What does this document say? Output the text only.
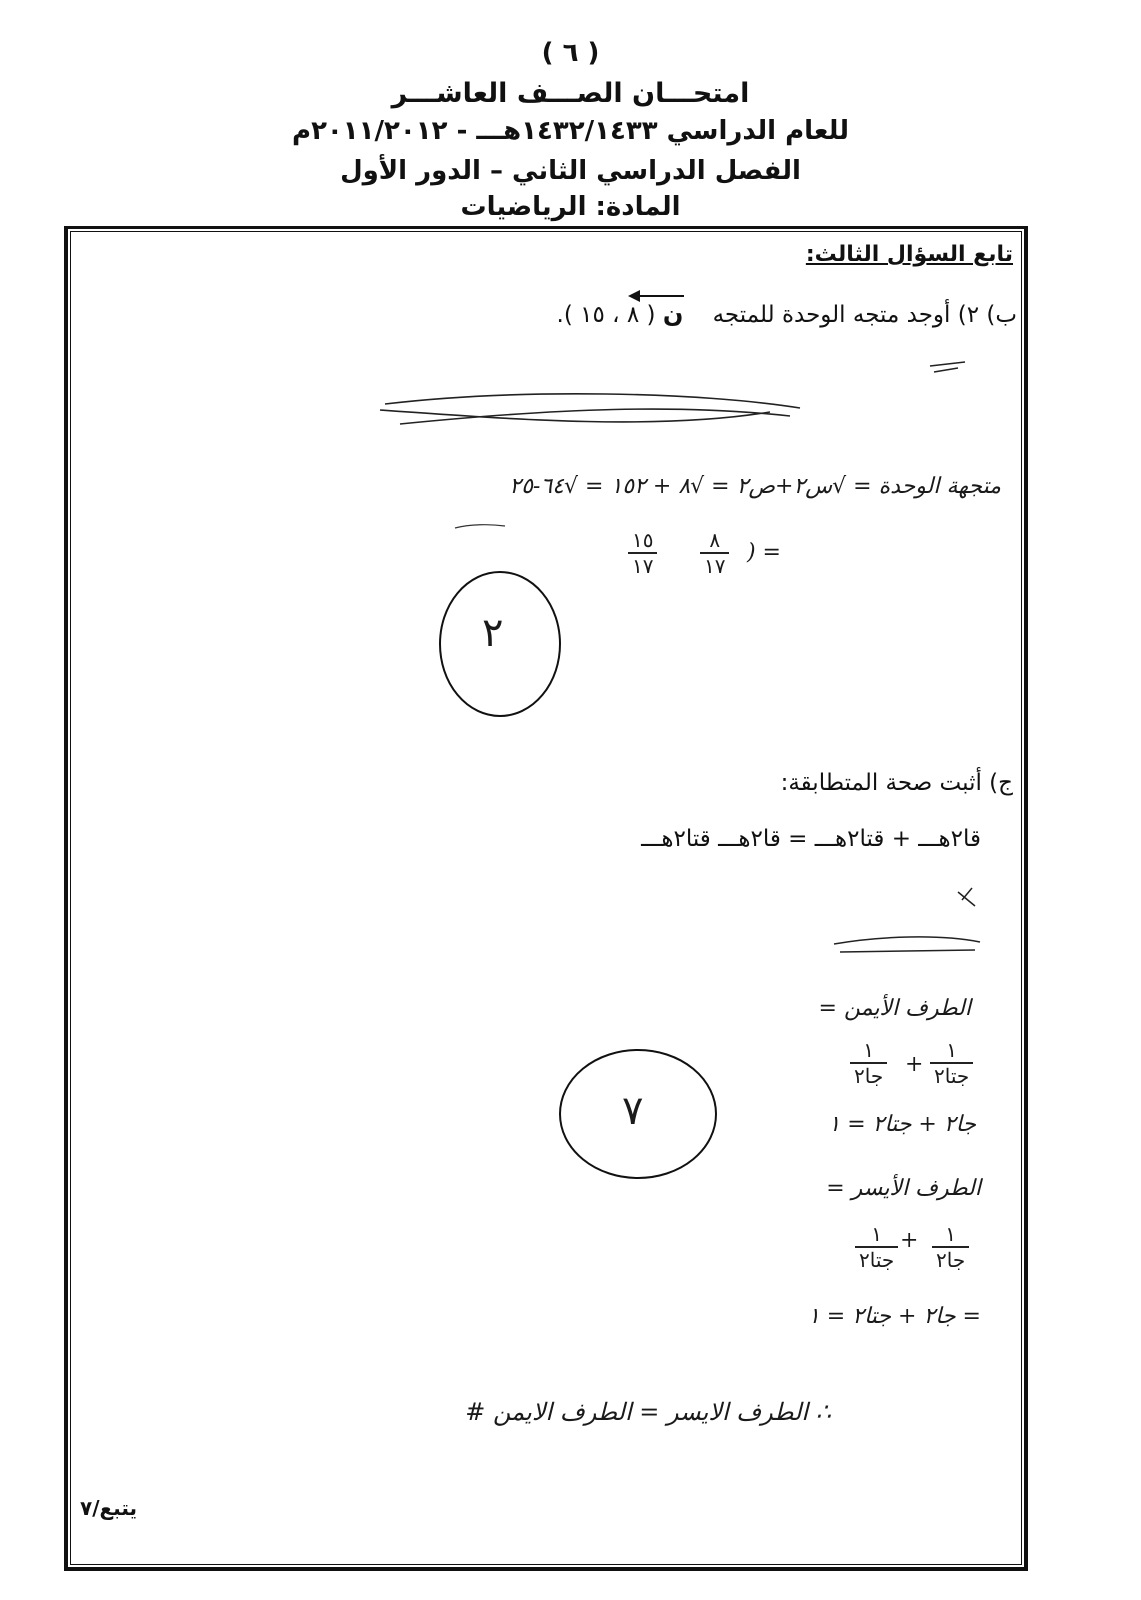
( ٦ )
امتحـــان الصـــف العاشـــر
للعام الدراسي ١٤٣٢/١٤٣٣هـــ - ٢٠١١/٢٠١٢م
الفصل الدراسي الثاني – الدور الأول
المادة: الرياضيات
تابع السؤال الثالث:
ب) ٢) أوجد متجه الوحدة للمتجه    ن ( ٨ ، ١٥ ).
ج) أثبت صحة المتطابقة:
قا٢هـــ + قتا٢هـــ = قا٢هـــ قتا٢هـــ
متجهة الوحدة = √س٢+ص٢ = √٨ + ١٥٢ = √٦٤-٢٥
= (
٨
١٧
١٥
١٧
الطرف الأيمن =
١
جتا٢
+
١
جا٢
جا٢ + جتا٢ = ١
الطرف الأيسر =
١
جا٢
+
١
جتا٢
= جا٢ + جتا٢ = ١
∴ الطرف الايسر = الطرف الايمن #
٢
٧
يتبع/٧
